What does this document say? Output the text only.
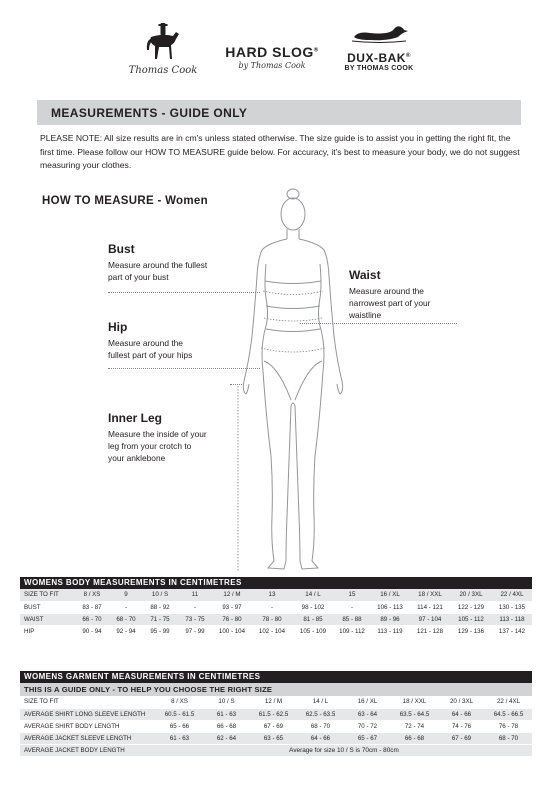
Thomas Cook
HARD SLOG®
by Thomas Cook
DUX-BAK®
BY THOMAS COOK
MEASUREMENTS - GUIDE ONLY
PLEASE NOTE: All size results are in cm's unless stated otherwise. The size guide is to assist you in getting the right fit, the first time. Please follow our HOW TO MEASURE guide below. For accuracy, it's best to measure your body, we do not suggest measuring your clothes.
HOW TO MEASURE - Women
Bust
Measure around the fullest
part of your bust	Waist
Measure around the
narrowest part of your
waistline
Hip
Measure around the
fullest part of your hips
Inner Leg
Measure the inside of your
leg from your crotch to
your anklebone
WOMENS BODY MEASUREMENTS IN CENTIMETRES
SIZE TO FIT	8 / XS	9	10 / S	11	12 / M	13	14 / L	15	16 / XL	18 / XXL	20 / 3XL	22 / 4XL
BUST	83 - 87	-	88 - 92	-	93 - 97	-	98 - 102	-	106 - 113	114 - 121	122 - 129	130 - 135
WAIST	66 - 70	68 - 70	71 - 75	73 - 75	76 - 80	78 - 80	81 - 85	85 - 88	89 - 96	97 - 104	105 - 112	113 - 118
HIP	90 - 94	92 - 94	95 - 99	97 - 99	100 - 104	102 - 104	105 - 109	109 - 112	113 - 119	121 - 128	129 - 136	137 - 142
WOMENS GARMENT MEASUREMENTS IN CENTIMETRES
THIS IS A GUIDE ONLY - TO HELP YOU CHOOSE THE RIGHT SIZE
SIZE TO FIT	8 / XS	10 / S	12 / M	14 / L	16 / XL	18 / XXL	20 / 3XL	22 / 4XL
AVERAGE SHIRT LONG SLEEVE LENGTH	60.5 - 61.5	61 - 63	61.5 - 62.5	62.5 - 63.5	63 - 64	63.5 - 64.5	64 - 66	64.5 - 66.5
AVERAGE SHIRT BODY LENGTH	65 - 66	66 - 68	67 - 69	68 - 70	70 - 72	72 - 74	74 - 76	76 - 78
AVERAGE JACKET SLEEVE LENGTH	61 - 63	62 - 64	63 - 65	64 - 66	65 - 67	66 - 68	67 - 69	68 - 70
AVERAGE JACKET BODY LENGTH	Average for size 10 / S is 70cm - 80cm							
